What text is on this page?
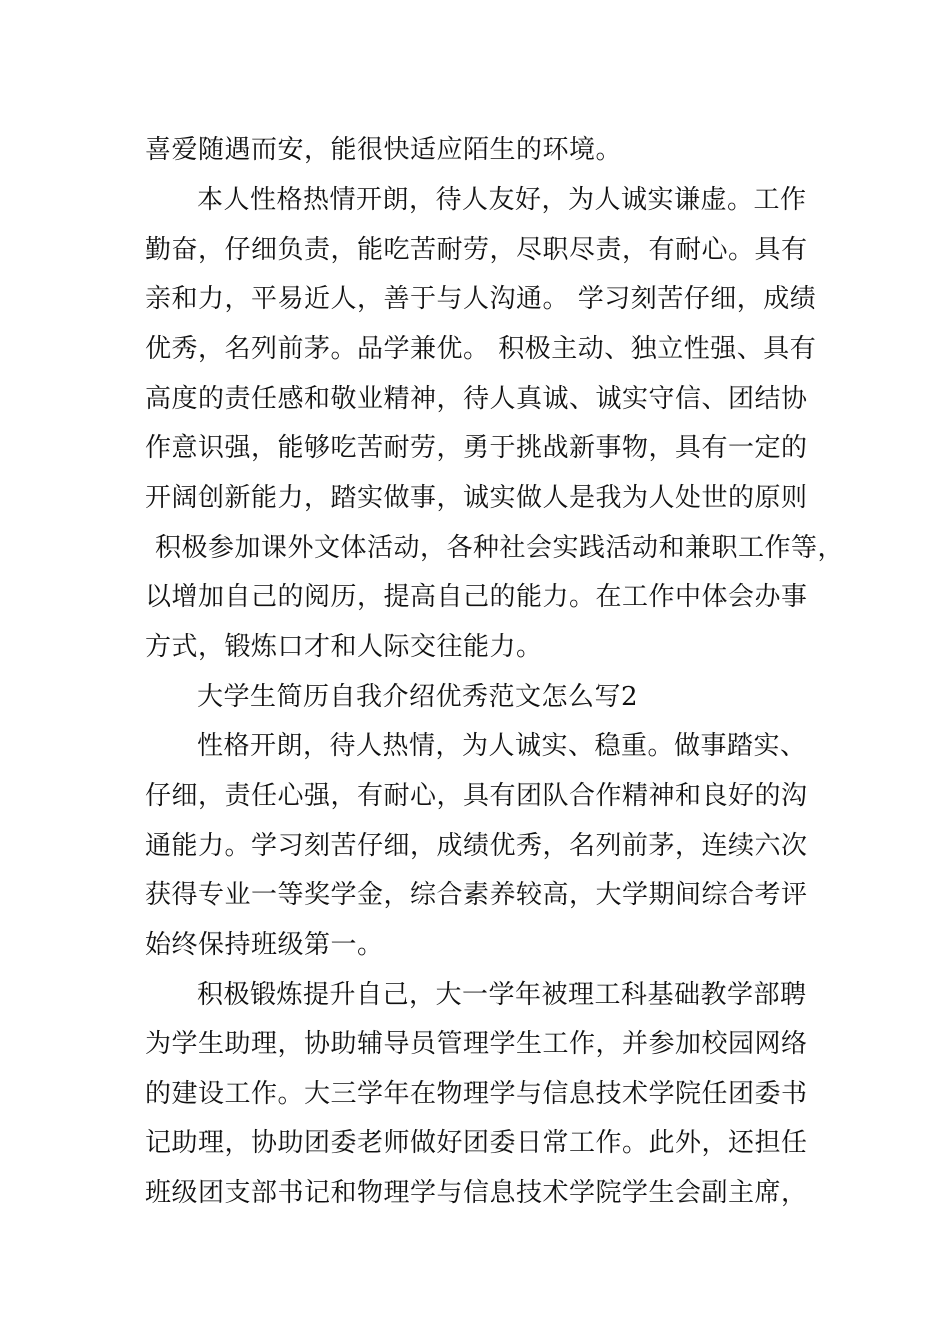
喜爱随遇而安，能很快适应陌生的环境。
本人性格热情开朗，待人友好，为人诚实谦虚。工作
勤奋，仔细负责，能吃苦耐劳，尽职尽责，有耐心。具有
亲和力，平易近人，善于与人沟通。 学习刻苦仔细，成绩
优秀，名列前茅。品学兼优。 积极主动、独立性强、具有
高度的责任感和敬业精神，待人真诚、诚实守信、团结协
作意识强，能够吃苦耐劳，勇于挑战新事物，具有一定的
开阔创新能力，踏实做事，诚实做人是我为人处世的原则
积极参加课外文体活动，各种社会实践活动和兼职工作等，
以增加自己的阅历，提高自己的能力。在工作中体会办事
方式，锻炼口才和人际交往能力。
大学生简历自我介绍优秀范文怎么写2
性格开朗，待人热情，为人诚实、稳重。做事踏实、
仔细，责任心强，有耐心，具有团队合作精神和良好的沟
通能力。学习刻苦仔细，成绩优秀，名列前茅，连续六次
获得专业一等奖学金，综合素养较高，大学期间综合考评
始终保持班级第一。
积极锻炼提升自己，大一学年被理工科基础教学部聘
为学生助理，协助辅导员管理学生工作，并参加校园网络
的建设工作。大三学年在物理学与信息技术学院任团委书
记助理，协助团委老师做好团委日常工作。此外，还担任
班级团支部书记和物理学与信息技术学院学生会副主席，
